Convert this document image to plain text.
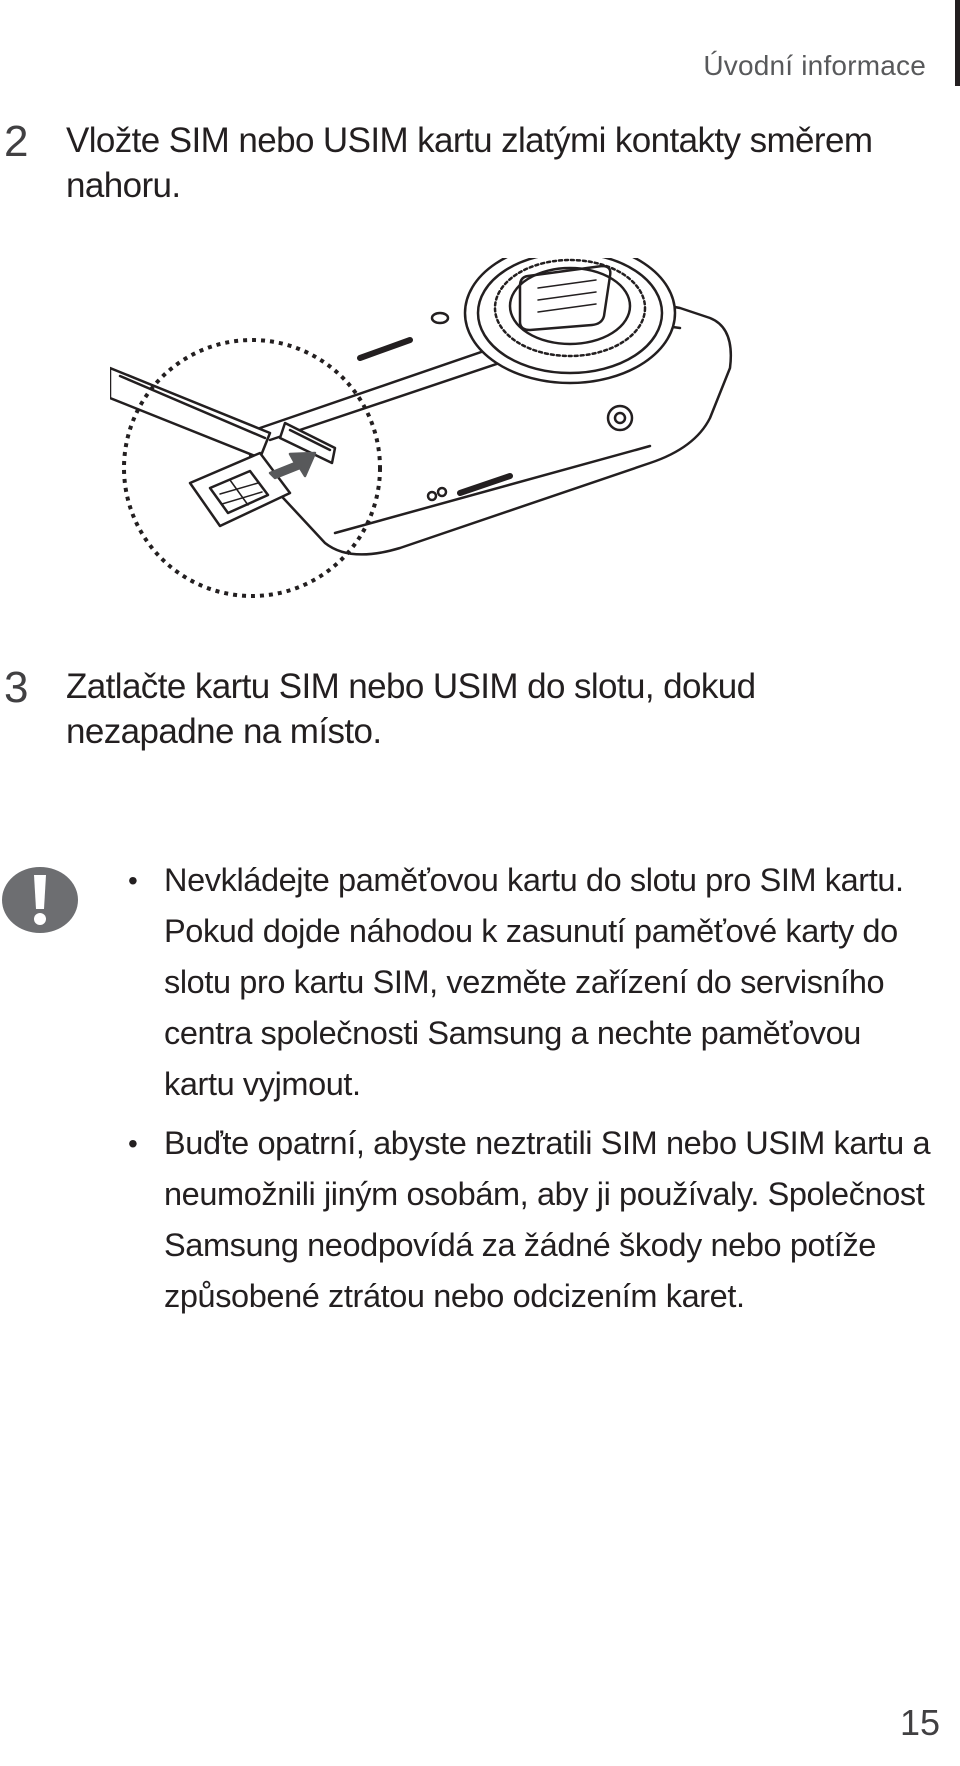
Úvodní informace
2 Vložte SIM nebo USIM kartu zlatými kontakty směrem nahoru.
3 Zatlačte kartu SIM nebo USIM do slotu, dokud nezapadne na místo.
• Nevkládejte paměťovou kartu do slotu pro SIM kartu. Pokud dojde náhodou k zasunutí paměťové karty do slotu pro kartu SIM, vezměte zařízení do servisního centra společnosti Samsung a nechte paměťovou kartu vyjmout.
• Buďte opatrní, abyste neztratili SIM nebo USIM kartu a neumožnili jiným osobám, aby ji používaly. Společnost Samsung neodpovídá za žádné škody nebo potíže způsobené ztrátou nebo odcizením karet.
15
